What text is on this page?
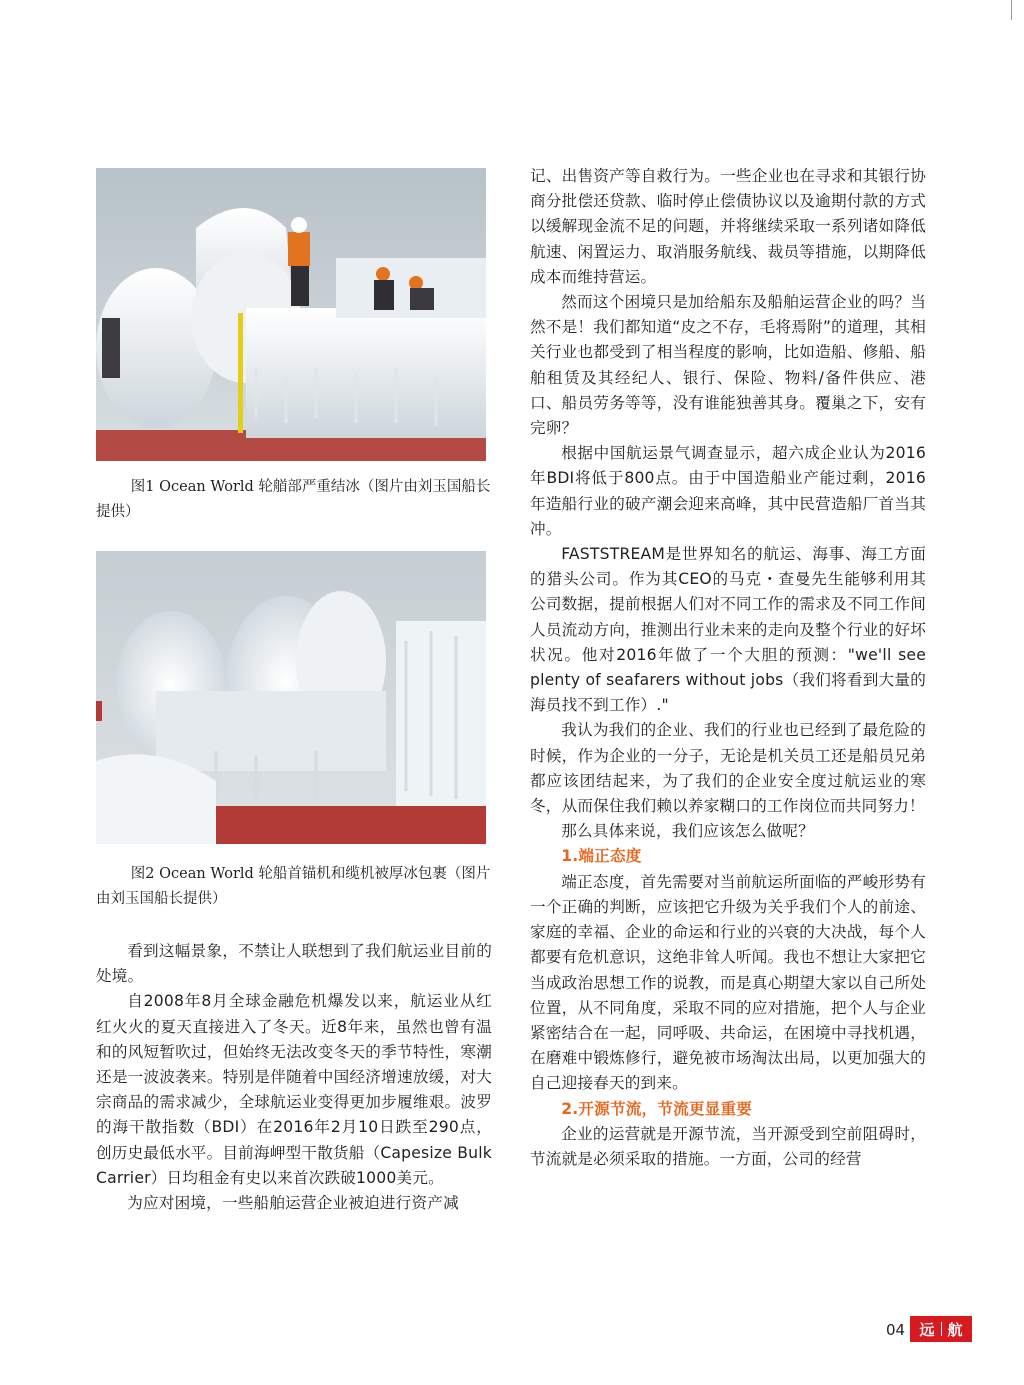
图1 Ocean World 轮艏部严重结冰（图片由刘玉国船长提供）

图2 Ocean World 轮船首锚机和缆机被厚冰包裹（图片由刘玉国船长提供）

看到这幅景象，不禁让人联想到了我们航运业目前的处境。

自2008年8月全球金融危机爆发以来，航运业从红红火火的夏天直接进入了冬天。近8年来，虽然也曾有温和的风短暂吹过，但始终无法改变冬天的季节特性，寒潮还是一波波袭来。特别是伴随着中国经济增速放缓，对大宗商品的需求减少，全球航运业变得更加步履维艰。波罗的海干散指数（BDI）在2016年2月10日跌至290点，创历史最低水平。目前海岬型干散货船（Capesize Bulk Carrier）日均租金有史以来首次跌破1000美元。

为应对困境，一些船舶运营企业被迫进行资产减

记、出售资产等自救行为。一些企业也在寻求和其银行协商分批偿还贷款、临时停止偿债协议以及逾期付款的方式以缓解现金流不足的问题，并将继续采取一系列诸如降低航速、闲置运力、取消服务航线、裁员等措施，以期降低成本而维持营运。

然而这个困境只是加给船东及船舶运营企业的吗？当然不是！我们都知道“皮之不存，毛将焉附”的道理，其相关行业也都受到了相当程度的影响，比如造船、修船、船舶租赁及其经纪人、银行、保险、物料/备件供应、港口、船员劳务等等，没有谁能独善其身。覆巢之下，安有完卵？

根据中国航运景气调查显示，超六成企业认为2016年BDI将低于800点。由于中国造船业产能过剩，2016年造船行业的破产潮会迎来高峰，其中民营造船厂首当其冲。

FASTSTREAM是世界知名的航运、海事、海工方面的猎头公司。作为其CEO的马克・查曼先生能够利用其公司数据，提前根据人们对不同工作的需求及不同工作间人员流动方向，推测出行业未来的走向及整个行业的好坏状况。他对2016年做了一个大胆的预测："we'll see plenty of seafarers without jobs（我们将看到大量的海员找不到工作）."

我认为我们的企业、我们的行业也已经到了最危险的时候，作为企业的一分子，无论是机关员工还是船员兄弟都应该团结起来，为了我们的企业安全度过航运业的寒冬，从而保住我们赖以养家糊口的工作岗位而共同努力！

那么具体来说，我们应该怎么做呢？

1.端正态度

端正态度，首先需要对当前航运所面临的严峻形势有一个正确的判断，应该把它升级为关乎我们个人的前途、家庭的幸福、企业的命运和行业的兴衰的大决战，每个人都要有危机意识，这绝非耸人听闻。我也不想让大家把它当成政治思想工作的说教，而是真心期望大家以自己所处位置，从不同角度，采取不同的应对措施，把个人与企业紧密结合在一起，同呼吸、共命运，在困境中寻找机遇，在磨难中锻炼修行，避免被市场淘汰出局，以更加强大的自己迎接春天的到来。

2.开源节流，节流更显重要

企业的运营就是开源节流，当开源受到空前阻碍时，节流就是必须采取的措施。一方面，公司的经营

04 远 航
